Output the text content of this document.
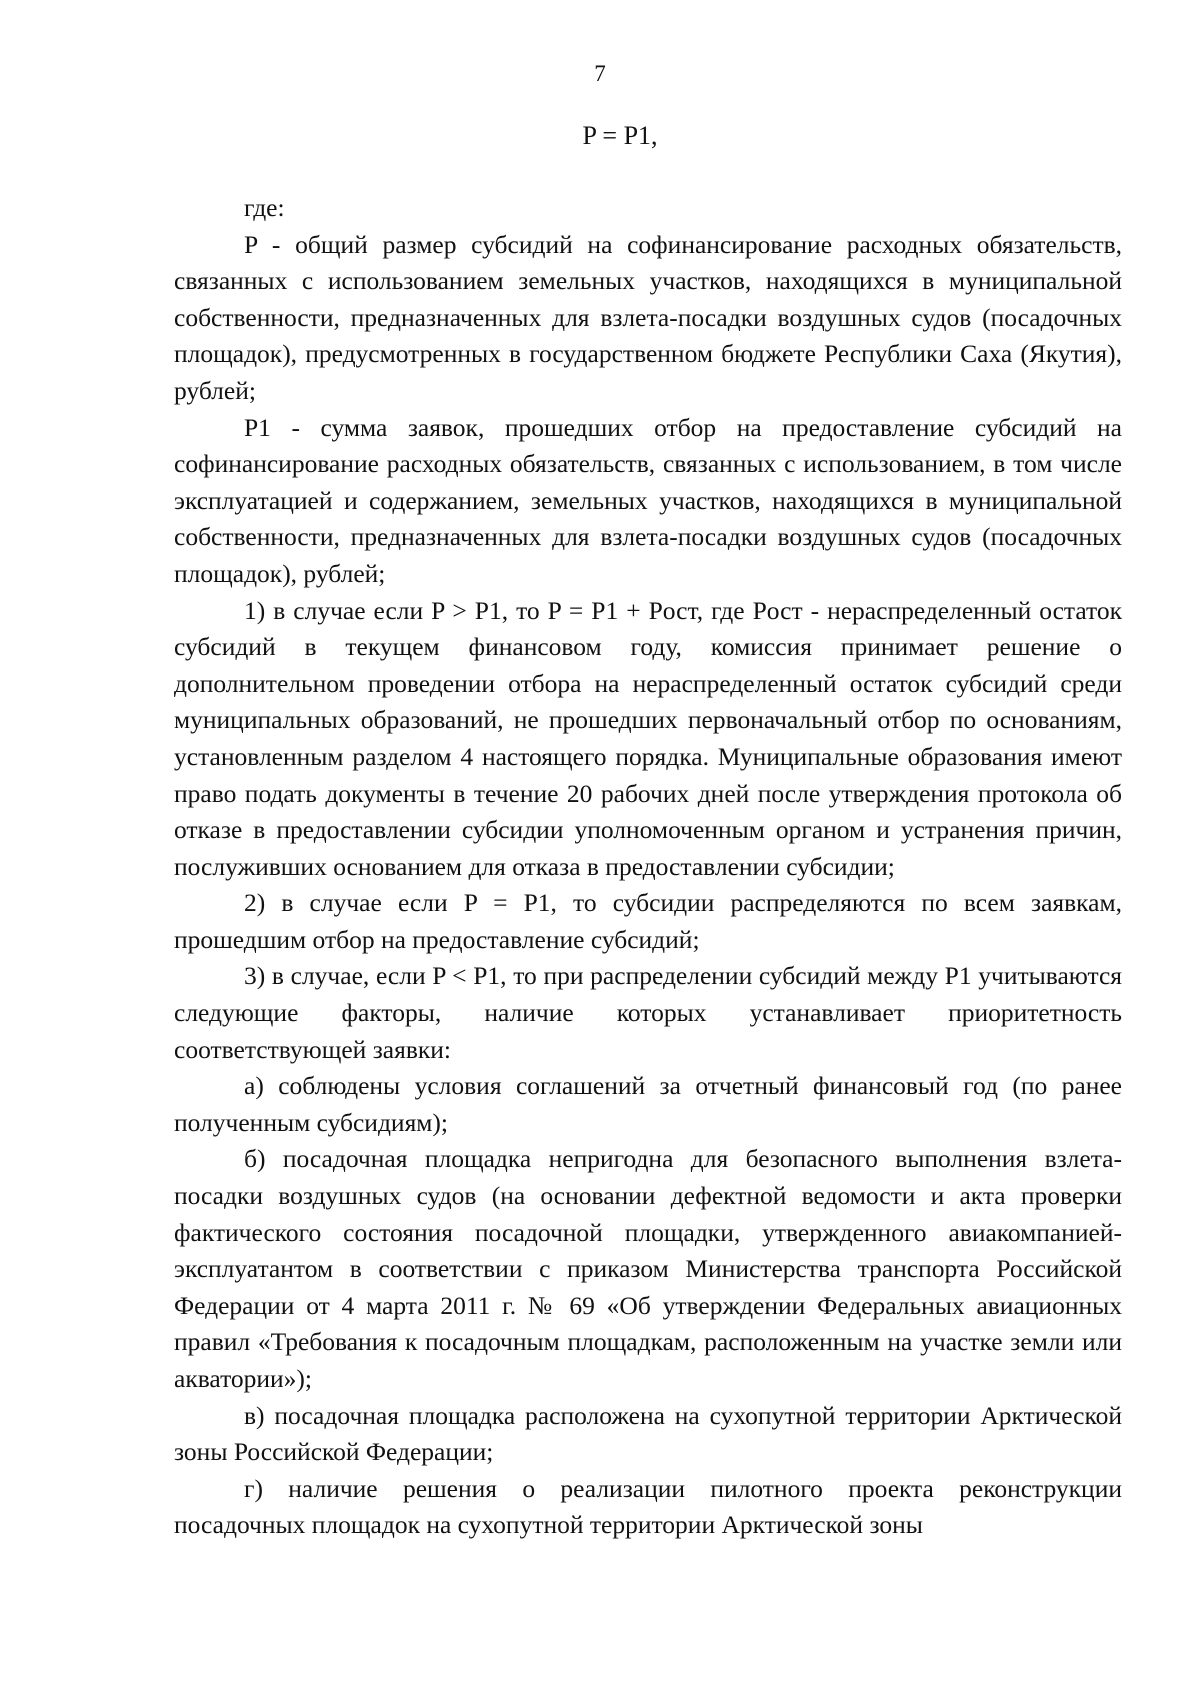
7
P = P1,

где:

P - общий размер субсидий на софинансирование расходных обязательств, связанных с использованием земельных участков, находящихся в муниципальной собственности, предназначенных для взлета-посадки воздушных судов (посадочных площадок), предусмотренных в государственном бюджете Республики Саха (Якутия), рублей;

P1 - сумма заявок, прошедших отбор на предоставление субсидий на софинансирование расходных обязательств, связанных с использованием, в том числе эксплуатацией и содержанием, земельных участков, находящихся в муниципальной собственности, предназначенных для взлета-посадки воздушных судов (посадочных площадок), рублей;

1) в случае если P > P1, то P = P1 + Pост, где Pост - нераспределенный остаток субсидий в текущем финансовом году, комиссия принимает решение о дополнительном проведении отбора на нераспределенный остаток субсидий среди муниципальных образований, не прошедших первоначальный отбор по основаниям, установленным разделом 4 настоящего порядка. Муниципальные образования имеют право подать документы в течение 20 рабочих дней после утверждения протокола об отказе в предоставлении субсидии уполномоченным органом и устранения причин, послуживших основанием для отказа в предоставлении субсидии;

2) в случае если P = P1, то субсидии распределяются по всем заявкам, прошедшим отбор на предоставление субсидий;

3) в случае, если P < P1, то при распределении субсидий между P1 учитываются следующие факторы, наличие которых устанавливает приоритетность соответствующей заявки:

а) соблюдены условия соглашений за отчетный финансовый год (по ранее полученным субсидиям);

б) посадочная площадка непригодна для безопасного выполнения взлета-посадки воздушных судов (на основании дефектной ведомости и акта проверки фактического состояния посадочной площадки, утвержденного авиакомпанией-эксплуатантом в соответствии с приказом Министерства транспорта Российской Федерации от 4 марта 2011 г. № 69 «Об утверждении Федеральных авиационных правил «Требования к посадочным площадкам, расположенным на участке земли или акватории»);

в) посадочная площадка расположена на сухопутной территории Арктической зоны Российской Федерации;

г) наличие решения о реализации пилотного проекта реконструкции посадочных площадок на сухопутной территории Арктической зоны
